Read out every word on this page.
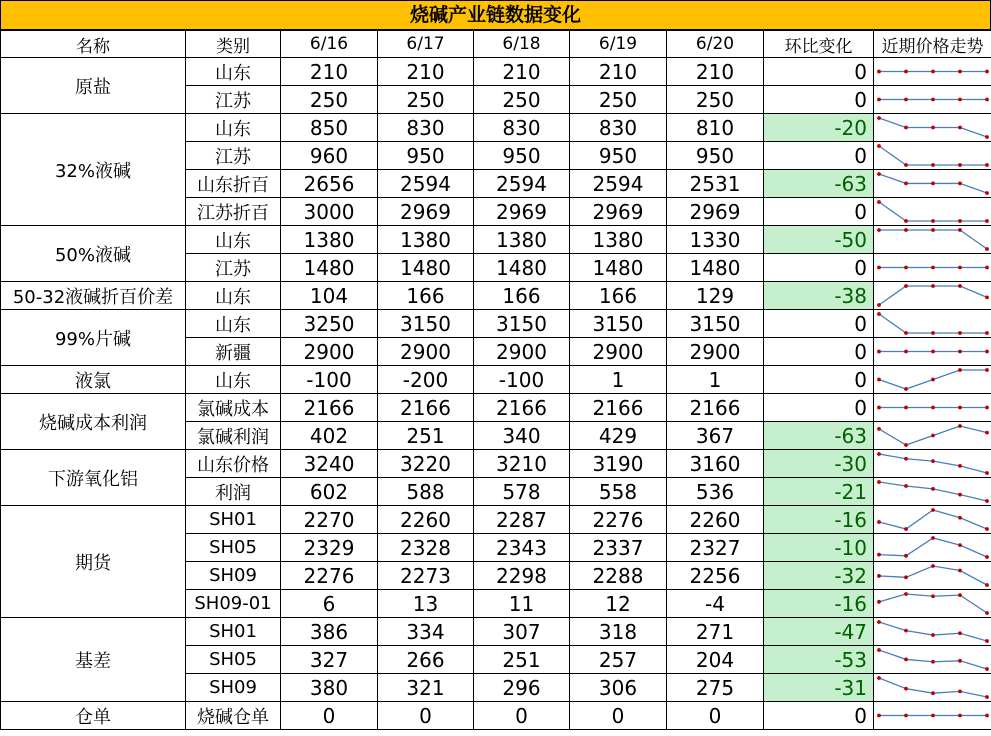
烧碱产业链数据变化
名称	类别	6/16	6/17	6/18	6/19	6/20	环比变化	近期价格走势
原盐	山东	210	210	210	210	210	0	

	江苏	250	250	250	250	250	0	

32%液碱	山东	850	830	830	830	810	-20	

	江苏	960	950	950	950	950	0	

	山东折百	2656	2594	2594	2594	2531	-63	

	江苏折百	3000	2969	2969	2969	2969	0	

50%液碱	山东	1380	1380	1380	1380	1330	-50	

	江苏	1480	1480	1480	1480	1480	0	

50-32液碱折百价差	山东	104	166	166	166	129	-38	

99%片碱	山东	3250	3150	3150	3150	3150	0	

	新疆	2900	2900	2900	2900	2900	0	

液氯	山东	-100	-200	-100	1	1	0	

烧碱成本利润	氯碱成本	2166	2166	2166	2166	2166	0	

	氯碱利润	402	251	340	429	367	-63	

下游氧化铝	山东价格	3240	3220	3210	3190	3160	-30	

	利润	602	588	578	558	536	-21	

期货	SH01	2270	2260	2287	2276	2260	-16	

	SH05	2329	2328	2343	2337	2327	-10	

	SH09	2276	2273	2298	2288	2256	-32	

	SH09-01	6	13	11	12	-4	-16	

基差	SH01	386	334	307	318	271	-47	

	SH05	327	266	251	257	204	-53	

	SH09	380	321	296	306	275	-31	

仓单	烧碱仓单	0	0	0	0	0	0	
